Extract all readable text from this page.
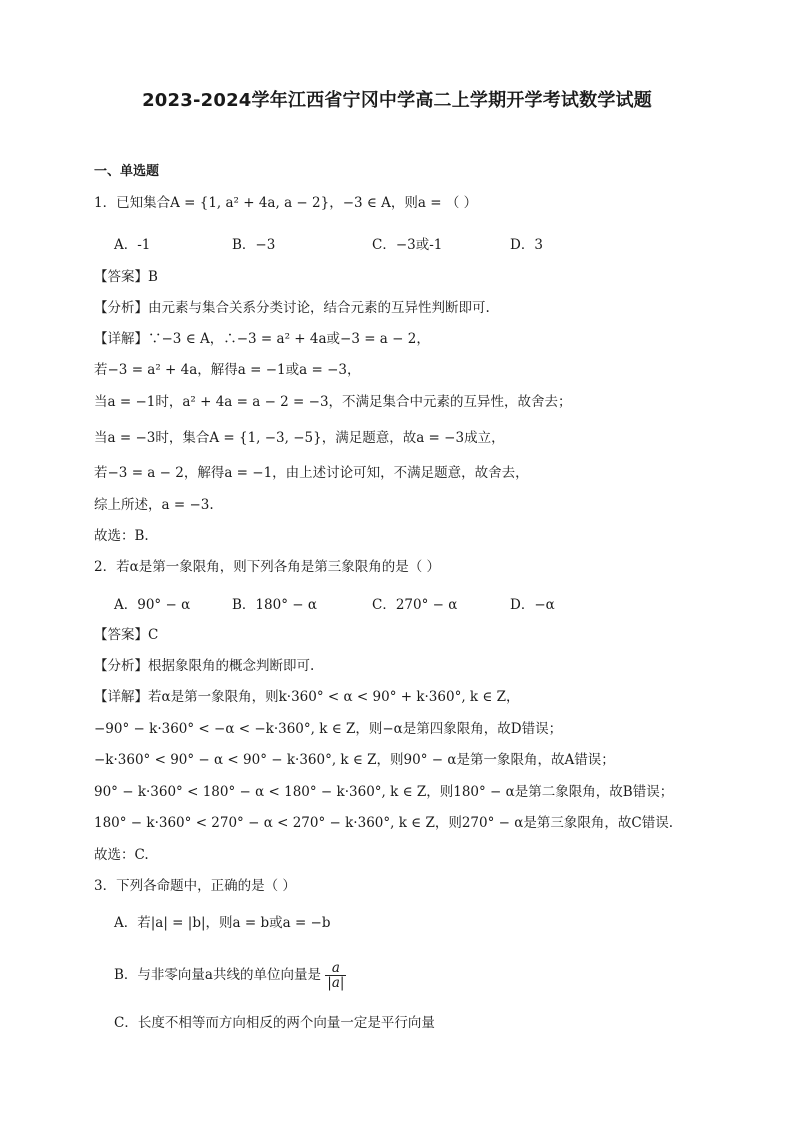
2023-2024学年江西省宁冈中学高二上学期开学考试数学试题
一、单选题
1．已知集合A = {1, a² + 4a, a − 2}，−3 ∈ A，则a = （ ）
A．-1	B．−3	C．−3或-1	D．3
【答案】B
【分析】由元素与集合关系分类讨论，结合元素的互异性判断即可.
【详解】∵−3 ∈ A，∴−3 = a² + 4a或−3 = a − 2，
若−3 = a² + 4a，解得a = −1或a = −3，
当a = −1时，a² + 4a = a − 2 = −3，不满足集合中元素的互异性，故舍去；
当a = −3时，集合A = {1, −3, −5}，满足题意，故a = −3成立，
若−3 = a − 2，解得a = −1，由上述讨论可知，不满足题意，故舍去，
综上所述，a = −3.
故选：B.
2．若α是第一象限角，则下列各角是第三象限角的是（ ）
A．90° − α	B．180° − α	C．270° − α	D．−α
【答案】C
【分析】根据象限角的概念判断即可.
【详解】若α是第一象限角，则k·360° < α < 90° + k·360°, k ∈ Z，
−90° − k·360° < −α < −k·360°, k ∈ Z，则−α是第四象限角，故D错误；
−k·360° < 90° − α < 90° − k·360°, k ∈ Z，则90° − α是第一象限角，故A错误；
90° − k·360° < 180° − α < 180° − k·360°, k ∈ Z，则180° − α是第二象限角，故B错误；
180° − k·360° < 270° − α < 270° − k·360°, k ∈ Z，则270° − α是第三象限角，故C错误.
故选：C.
3．下列各命题中，正确的是（ ）
A．若|a| = |b|，则a = b或a = −b
B．与非零向量a共线的单位向量是 $\frac{a}{|a|}$
C．长度不相等而方向相反的两个向量一定是平行向量
